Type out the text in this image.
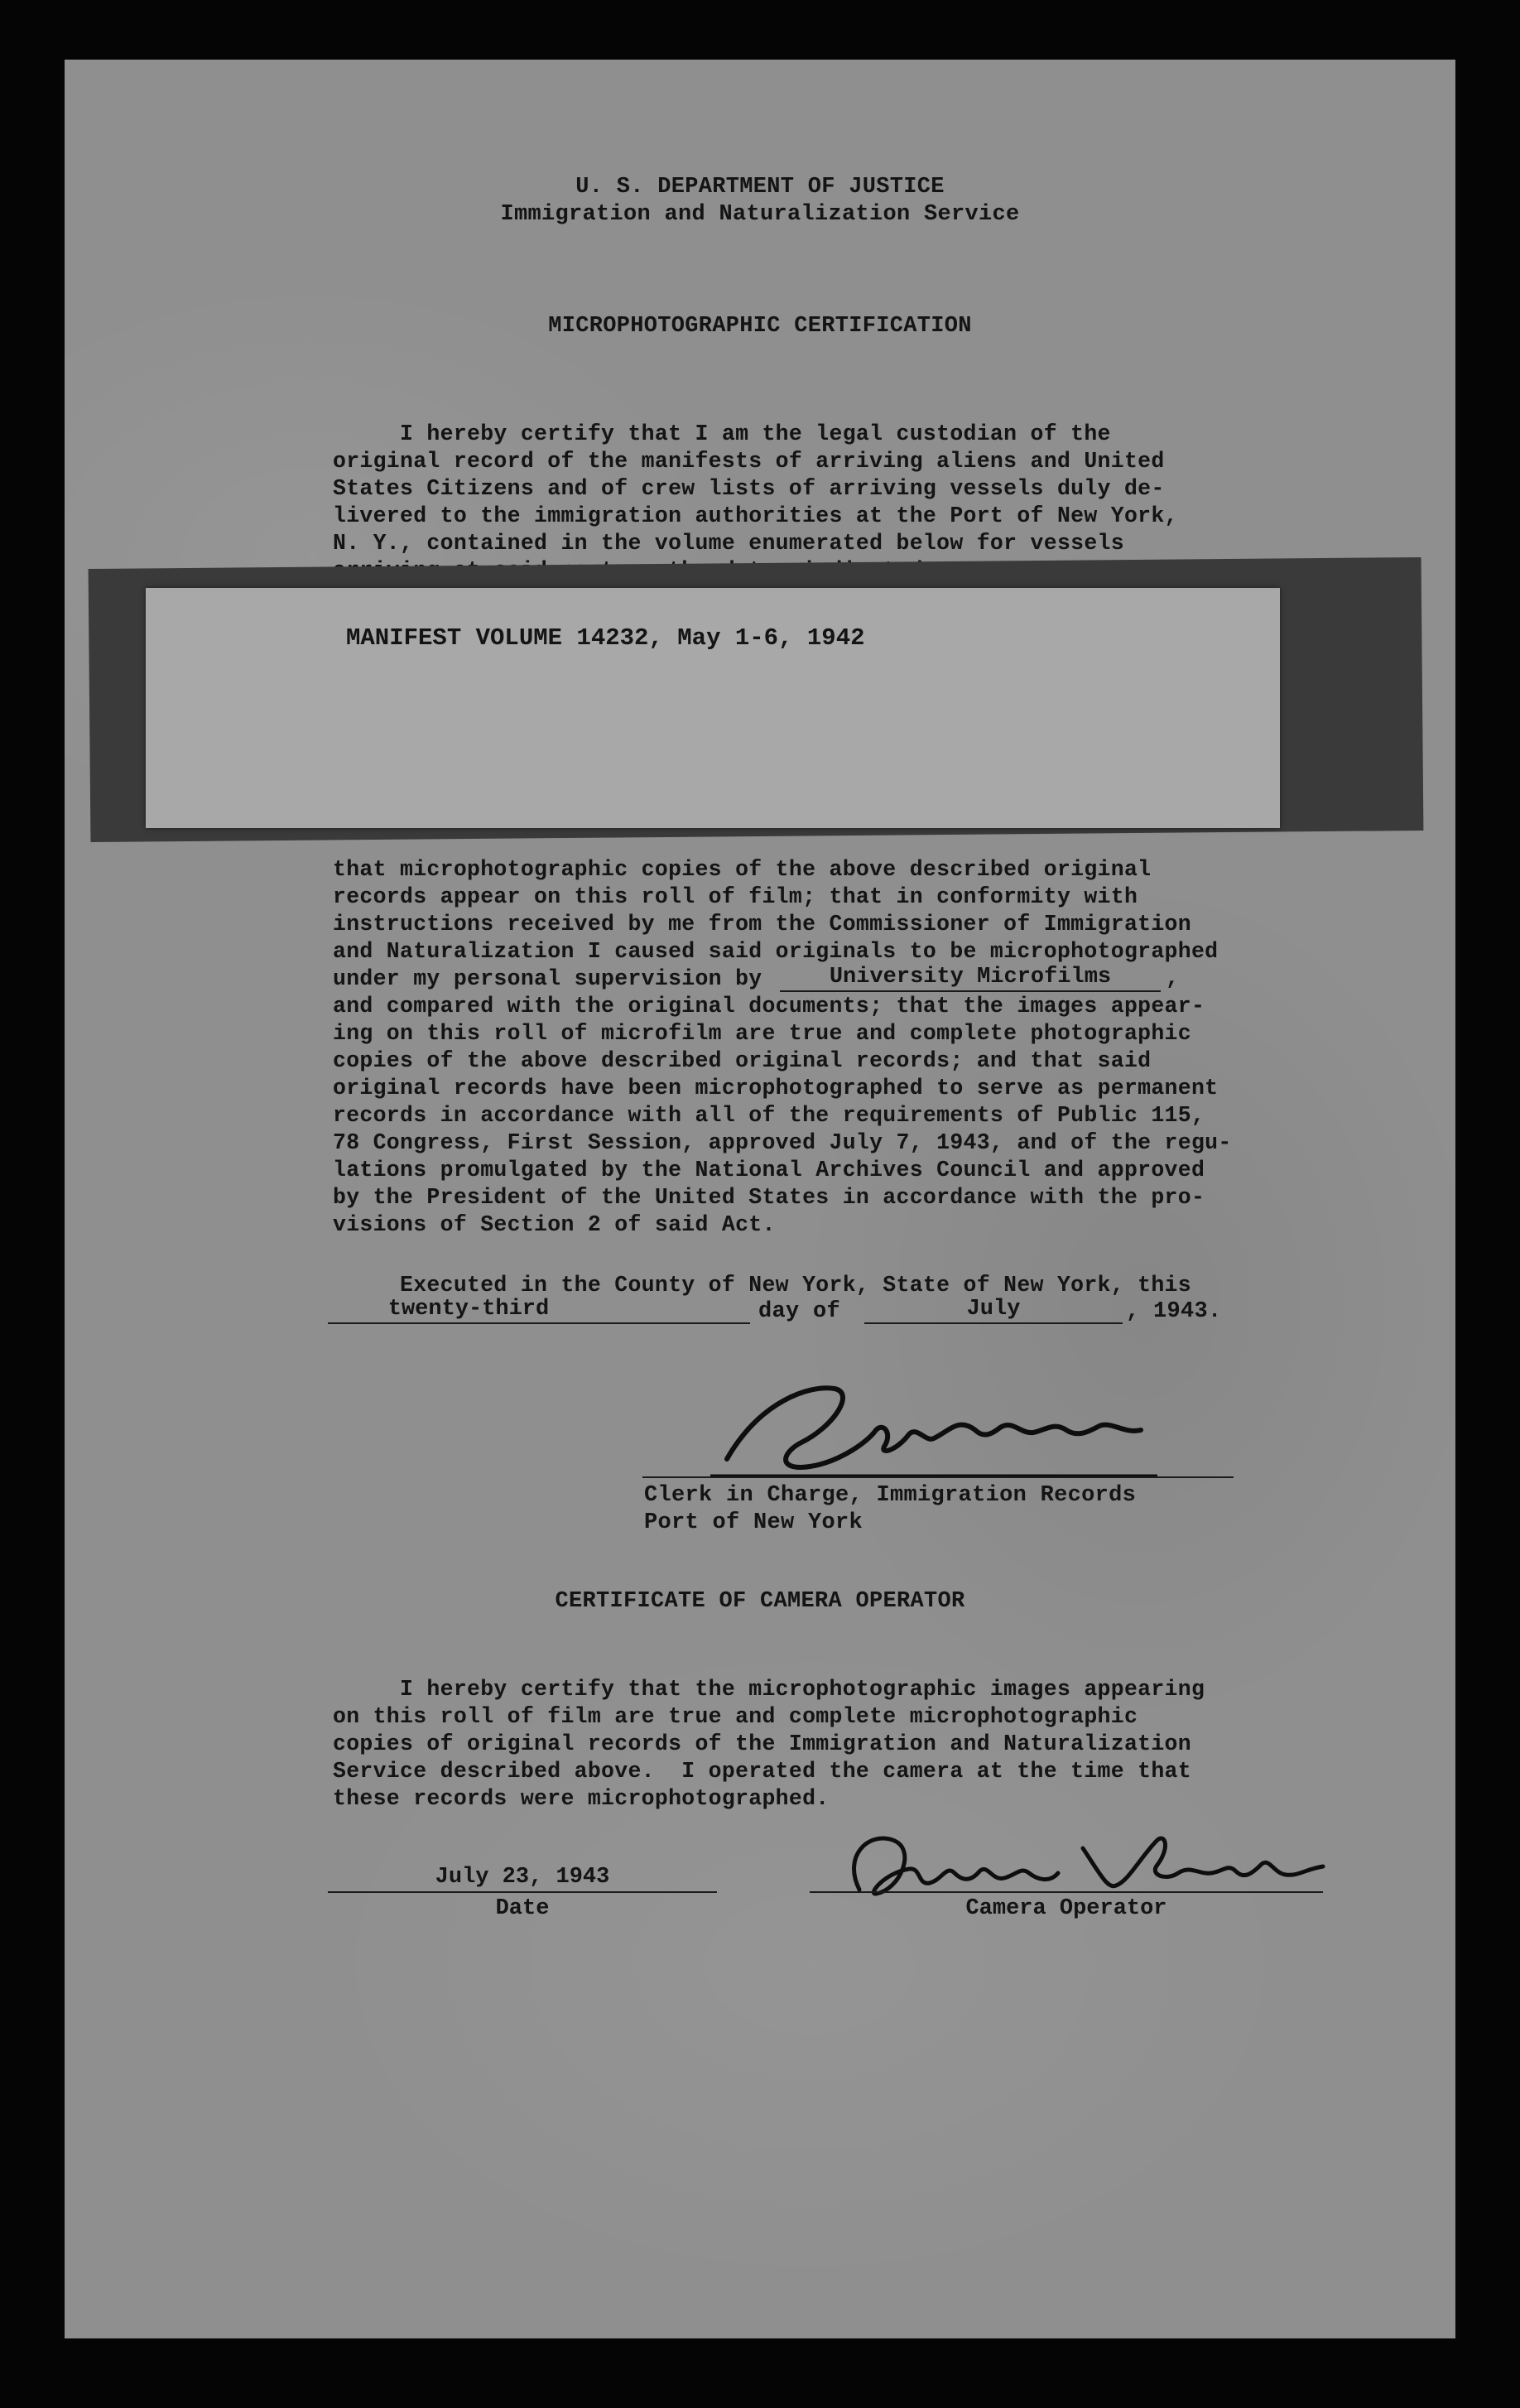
U. S. DEPARTMENT OF JUSTICE
Immigration and Naturalization Service
MICROPHOTOGRAPHIC CERTIFICATION
I hereby certify that I am the legal custodian of the
original record of the manifests of arriving aliens and United
States Citizens and of crew lists of arriving vessels duly de-
livered to the immigration authorities at the Port of New York,
N. Y., contained in the volume enumerated below for vessels
MANIFEST VOLUME 14232, May 1-6, 1942
that microphotographic copies of the above described original
records appear on this roll of film; that in conformity with
instructions received by me from the Commissioner of Immigration
and Naturalization I caused said originals to be microphotographed
under my personal supervision by	University Microfilms	,
and compared with the original documents; that the images appear-
ing on this roll of microfilm are true and complete photographic
copies of the above described original records; and that said
original records have been microphotographed to serve as permanent
records in accordance with all of the requirements of Public 115,
78 Congress, First Session, approved July 7, 1943, and of the regu-
lations promulgated by the National Archives Council and approved
by the President of the United States in accordance with the pro-
visions of Section 2 of said Act.
Executed in the County of New York, State of New York, this
twenty-third	day of	July	, 1943.
Clerk in Charge, Immigration Records
Port of New York
CERTIFICATE OF CAMERA OPERATOR
I hereby certify that the microphotographic images appearing
on this roll of film are true and complete microphotographic
copies of original records of the Immigration and Naturalization
Service described above.  I operated the camera at the time that
these records were microphotographed.
July 23, 1943
Date	Camera Operator
